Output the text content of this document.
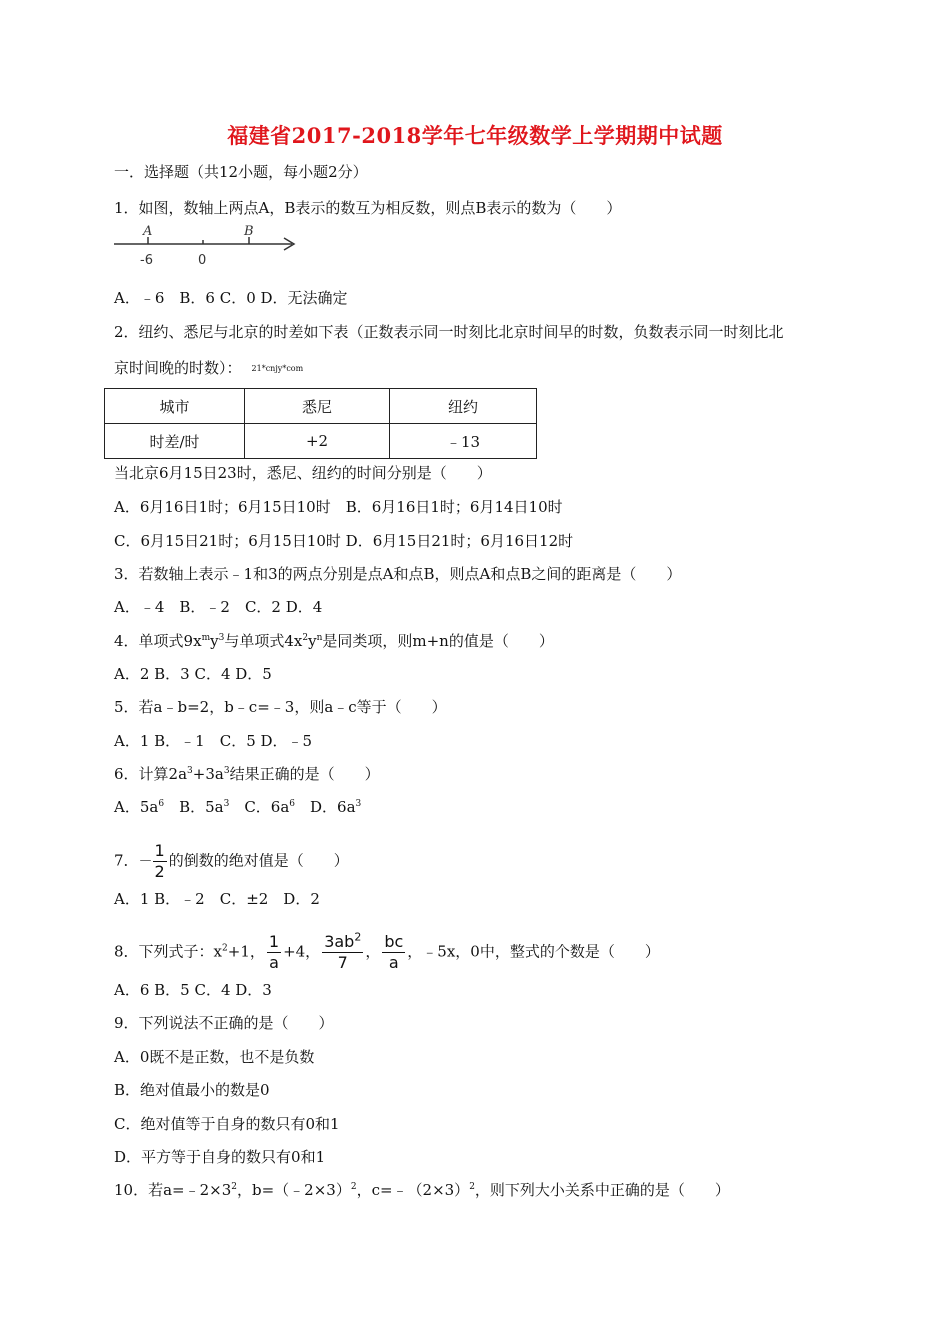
福建省2017-2018学年七年级数学上学期期中试题
一．选择题（共12小题，每小题2分）
1．如图，数轴上两点A，B表示的数互为相反数，则点B表示的数为（　　）
A	B
-6	0
A．﹣6　B．6 C．0 D．无法确定
2．纽约、悉尼与北京的时差如下表（正数表示同一时刻比北京时间早的时数，负数表示同一时刻比北
京时间晚的时数）： 21*cnjy*com
城市	悉尼	纽约
时差/时	+2	﹣13
当北京6月15日23时，悉尼、纽约的时间分别是（　　）
A．6月16日1时；6月15日10时　B．6月16日1时；6月14日10时
C．6月15日21时；6月15日10时 D．6月15日21时；6月16日12时
3．若数轴上表示﹣1和3的两点分别是点A和点B，则点A和点B之间的距离是（　　）
A．﹣4　B．﹣2　C．2 D．4
4．单项式$9x^my^3$与单项式$4x^2y^n$是同类项，则m+n的值是（　　）
A．2 B．3 C．4 D．5
5．若a﹣b=2，b﹣c=﹣3，则a﹣c等于（　　）
A．1 B．﹣1　C．5 D．﹣5
6．计算$2a^3+3a^3$结果正确的是（　　）
A．$5a^6$　B．$5a^3$　C．$6a^6$　D．$6a^3$
7．－ $\frac{1}{2}$ 的倒数的绝对值是（　　）
A．1 B．﹣2　C．±2　D．2
8．下列式子：$x^2+1$， $\frac{1}{a} +4$， $\frac{3ab^2}{7}$ ， $\frac{bc}{a}$ ，﹣5x，0中，整式的个数是（　　）
A．6 B．5 C．4 D．3
9．下列说法不正确的是（　　）
A．0既不是正数，也不是负数
B．绝对值最小的数是0
C．绝对值等于自身的数只有0和1
D．平方等于自身的数只有0和1
10．若$a=﹣2\times 3^2$，b=（﹣2×3）$^2$，$c=﹣(2\times 3)^2$，则下列大小关系中正确的是（　　）
